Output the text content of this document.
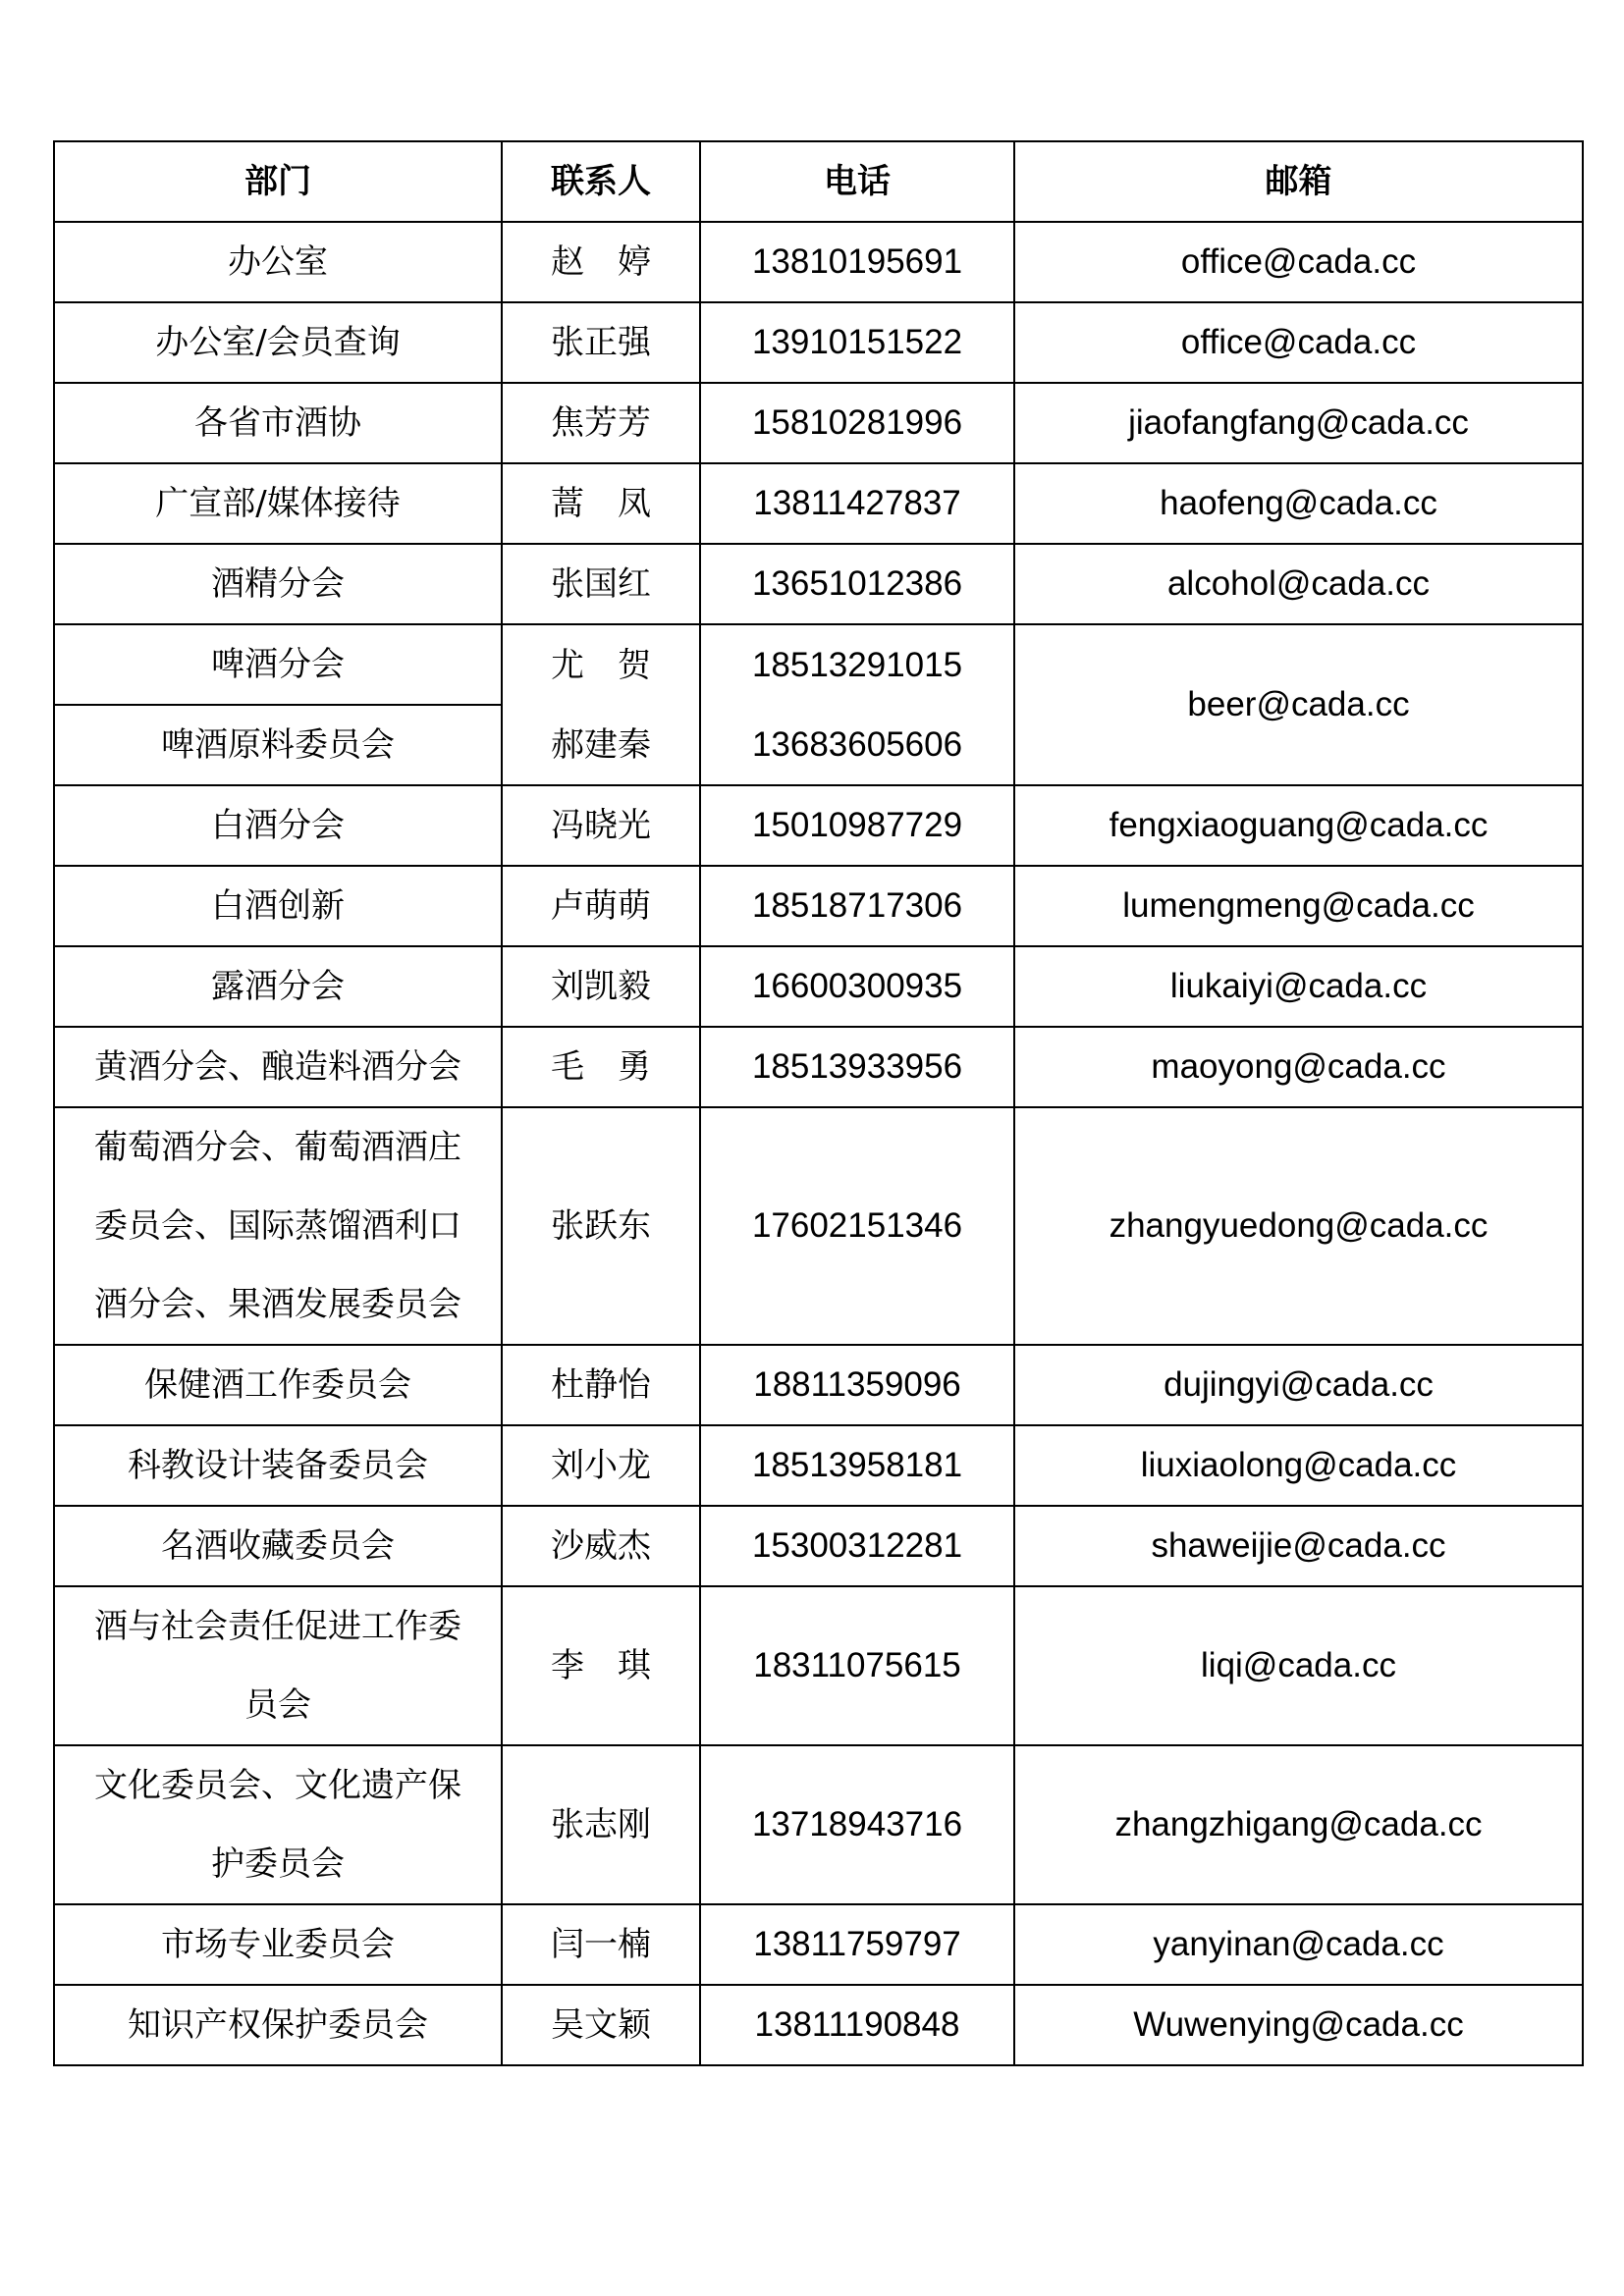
部门	联系人	电话	邮箱
办公室	赵　婷	13810195691	office@cada.cc
办公室/会员查询	张正强	13910151522	office@cada.cc
各省市酒协	焦芳芳	15810281996	jiaofangfang@cada.cc
广宣部/媒体接待	蒿　凤	13811427837	haofeng@cada.cc
酒精分会	张国红	13651012386	alcohol@cada.cc
啤酒分会	尤　贺	18513291015	beer@cada.cc
啤酒原料委员会	郝建秦	13683605606	
白酒分会	冯晓光	15010987729	fengxiaoguang@cada.cc
白酒创新	卢萌萌	18518717306	lumengmeng@cada.cc
露酒分会	刘凯毅	16600300935	liukaiyi@cada.cc
黄酒分会、酿造料酒分会	毛　勇	18513933956	maoyong@cada.cc
葡萄酒分会、葡萄酒酒庄委员会、国际蒸馏酒利口酒分会、果酒发展委员会	张跃东	17602151346	zhangyuedong@cada.cc
保健酒工作委员会	杜静怡	18811359096	dujingyi@cada.cc
科教设计装备委员会	刘小龙	18513958181	liuxiaolong@cada.cc
名酒收藏委员会	沙威杰	15300312281	shaweijie@cada.cc
酒与社会责任促进工作委员会	李　琪	18311075615	liqi@cada.cc
文化委员会、文化遗产保护委员会	张志刚	13718943716	zhangzhigang@cada.cc
市场专业委员会	闫一楠	13811759797	yanyinan@cada.cc
知识产权保护委员会	吴文颖	13811190848	Wuwenying@cada.cc
